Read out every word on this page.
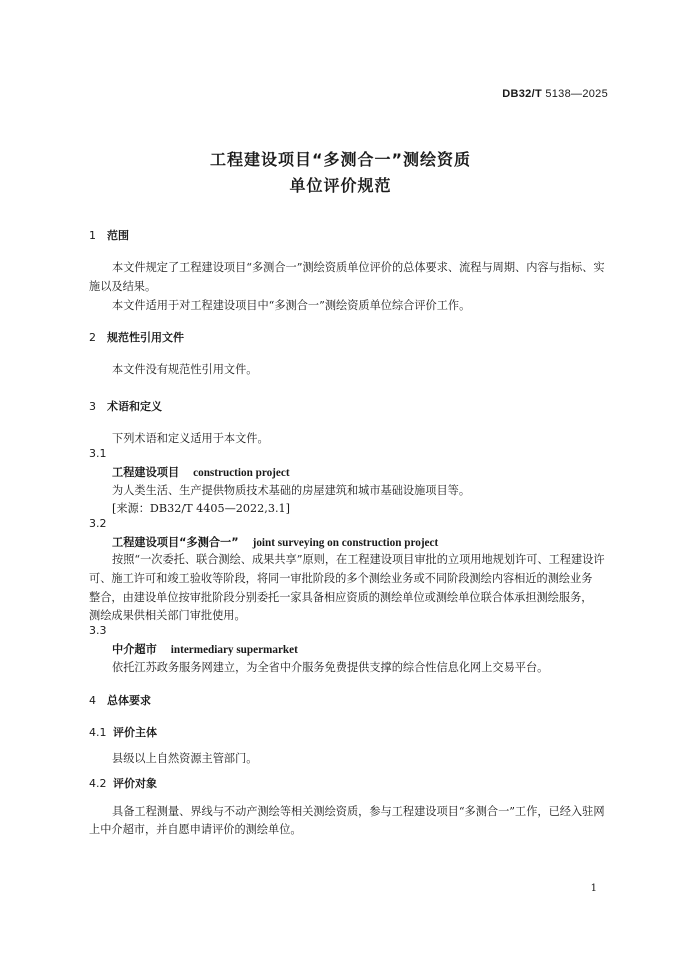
DB32/T 5138—2025
工程建设项目“多测合一”测绘资质
单位评价规范
1 范围
本文件规定了工程建设项目“多测合一”测绘资质单位评价的总体要求、流程与周期、内容与指标、实
施以及结果。
本文件适用于对工程建设项目中“多测合一”测绘资质单位综合评价工作。
2 规范性引用文件
本文件没有规范性引用文件。
3 术语和定义
下列术语和定义适用于本文件。
3.1
工程建设项目 construction project
为人类生活、生产提供物质技术基础的房屋建筑和城市基础设施项目等。
[来源：DB32/T 4405—2022,3.1]
3.2
工程建设项目“多测合一” joint surveying on construction project
按照“一次委托、联合测绘、成果共享”原则，在工程建设项目审批的立项用地规划许可、工程建设许
可、施工许可和竣工验收等阶段，将同一审批阶段的多个测绘业务或不同阶段测绘内容相近的测绘业务
整合，由建设单位按审批阶段分别委托一家具备相应资质的测绘单位或测绘单位联合体承担测绘服务，
测绘成果供相关部门审批使用。
3.3
中介超市 intermediary supermarket
依托江苏政务服务网建立，为全省中介服务免费提供支撑的综合性信息化网上交易平台。
4 总体要求
4.1 评价主体
县级以上自然资源主管部门。
4.2 评价对象
具备工程测量、界线与不动产测绘等相关测绘资质，参与工程建设项目“多测合一”工作，已经入驻网
上中介超市，并自愿申请评价的测绘单位。
1
